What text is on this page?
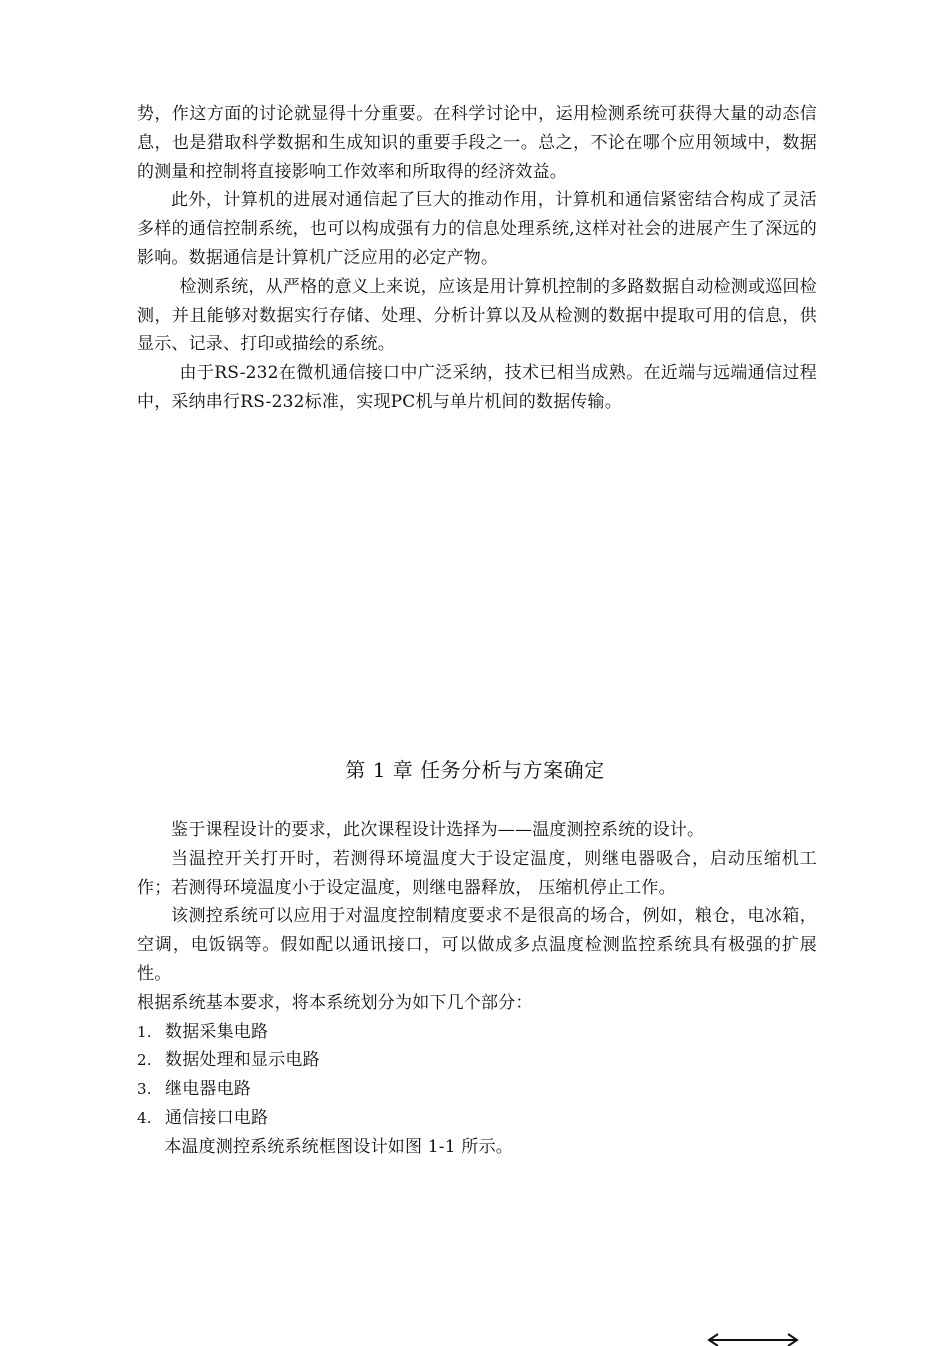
势，作这方面的讨论就显得十分重要。在科学讨论中，运用检测系统可获得大量的动态信息，也是猎取科学数据和生成知识的重要手段之一。总之，不论在哪个应用领域中，数据的测量和控制将直接影响工作效率和所取得的经济效益。

此外，计算机的进展对通信起了巨大的推动作用，计算机和通信紧密结合构成了灵活多样的通信控制系统，也可以构成强有力的信息处理系统,这样对社会的进展产生了深远的影响。数据通信是计算机广泛应用的必定产物。

检测系统，从严格的意义上来说，应该是用计算机控制的多路数据自动检测或巡回检测，并且能够对数据实行存储、处理、分析计算以及从检测的数据中提取可用的信息，供显示、记录、打印或描绘的系统。

由于RS-232在微机通信接口中广泛采纳，技术已相当成熟。在近端与远端通信过程中，采纳串行RS-232标准，实现PC机与单片机间的数据传输。

第 1 章 任务分析与方案确定

鉴于课程设计的要求，此次课程设计选择为——温度测控系统的设计。

当温控开关打开时，若测得环境温度大于设定温度，则继电器吸合，启动压缩机工作；若测得环境温度小于设定温度，则继电器释放， 压缩机停止工作。

该测控系统可以应用于对温度控制精度要求不是很高的场合，例如，粮仓，电冰箱，空调，电饭锅等。假如配以通讯接口，可以做成多点温度检测监控系统具有极强的扩展性。

根据系统基本要求，将本系统划分为如下几个部分：

1. 数据采集电路
2. 数据处理和显示电路
3. 继电器电路
4. 通信接口电路

本温度测控系统系统框图设计如图 1-1 所示。
